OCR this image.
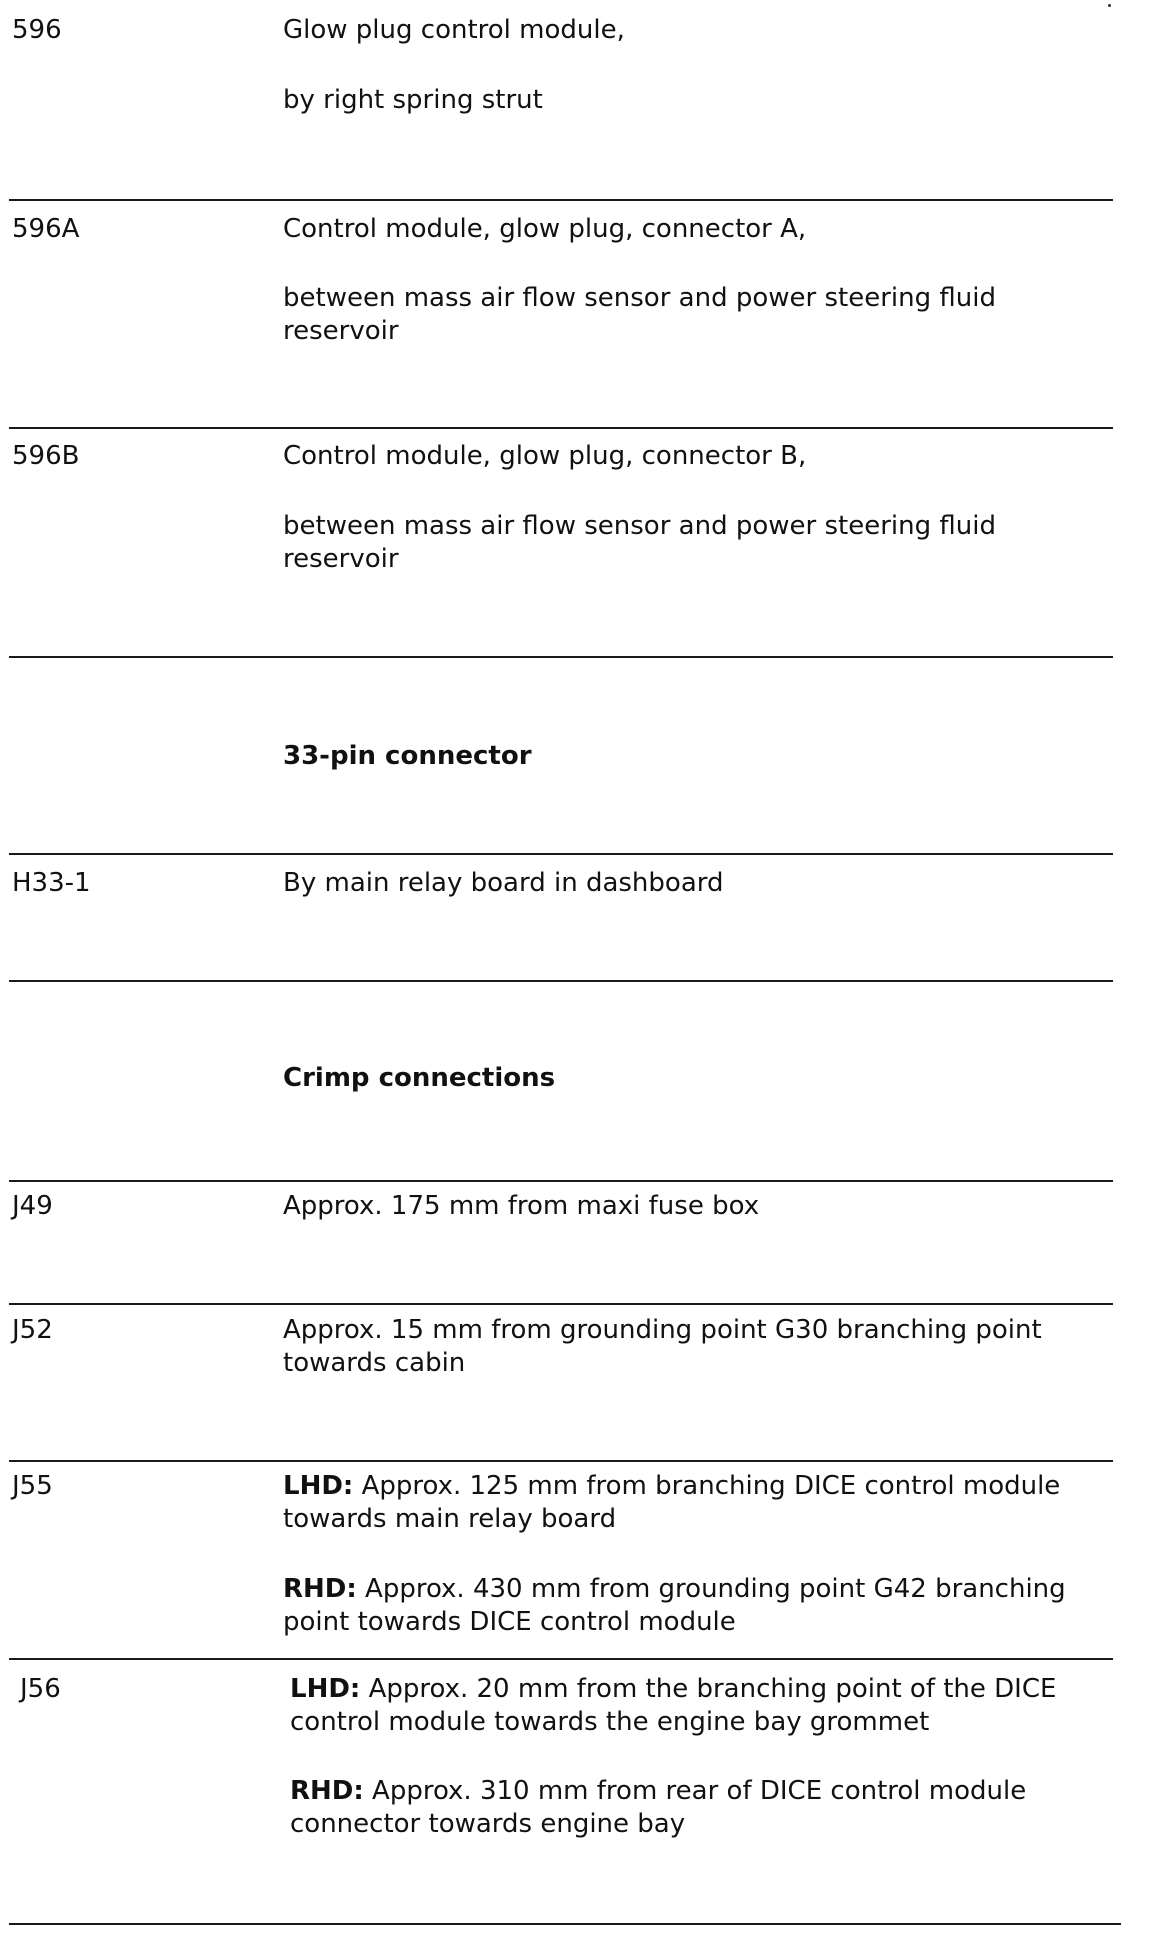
596	Glow plug control module,
by right spring strut
596A	Control module, glow plug, connector A,
between mass air flow sensor and power steering fluid reservoir
596B	Control module, glow plug, connector B,
between mass air flow sensor and power steering fluid reservoir
33-pin connector
H33-1	By main relay board in dashboard
Crimp connections
J49	Approx. 175 mm from maxi fuse box
J52	Approx. 15 mm from grounding point G30 branching point towards cabin
J55	LHD: Approx. 125 mm from branching DICE control module towards main relay board
RHD: Approx. 430 mm from grounding point G42 branching point towards DICE control module
J56	LHD: Approx. 20 mm from the branching point of the DICE control module towards the engine bay grommet
RHD: Approx. 310 mm from rear of DICE control module connector towards engine bay
